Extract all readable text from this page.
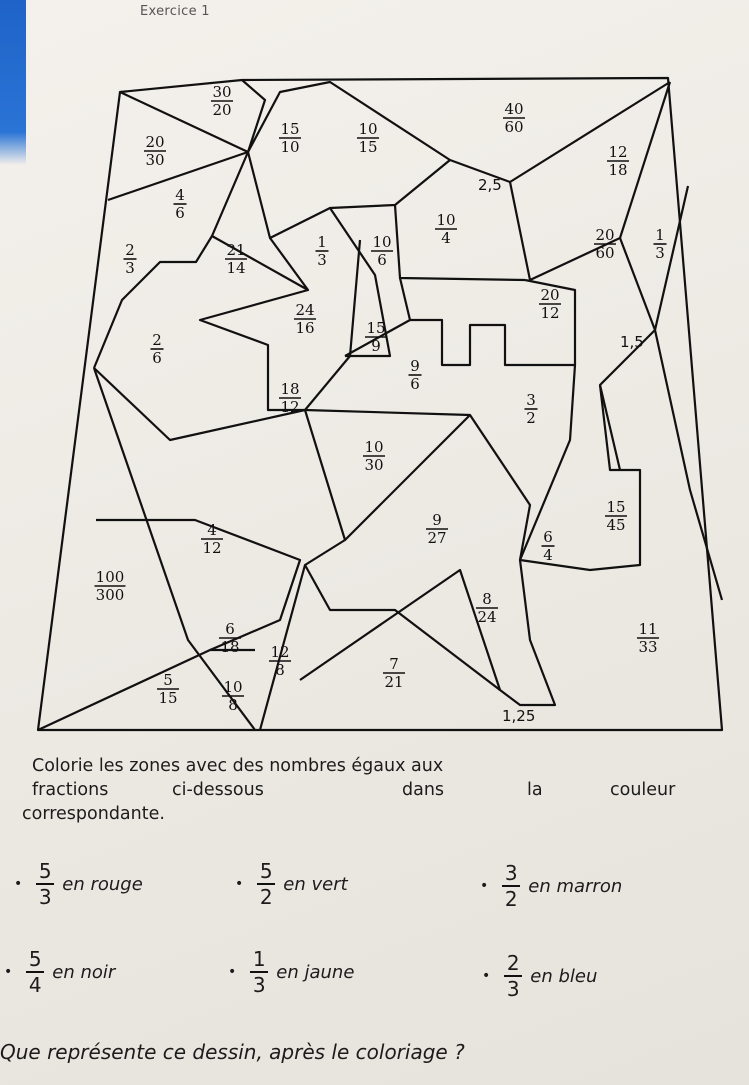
Exercice 1
30
20
20
30
15
10
10
15
40
60
12
18
4
6
2
3
21
14
1
3
10
6
10
4	20
60
1
3
24
16
20
12
2
6
15
9
18
12
9
6
3
2
10
30
4
12
9
27
15
45
6
4
100
300	8
24
6
18 12
8
11
33
5
15
10
8
7
21
2,5
1,5
1,25
Colorie les zones avec des nombres égaux aux
fractions	ci-dessous	dans	la	couleur
correspondante.
•
5
3
en rouge	•
5
2
en vert	•
3
2
en marron
•
5
4
en noir	•
1
3
en jaune	•
2
3
en bleu
Que représente ce dessin, après le coloriage ?
